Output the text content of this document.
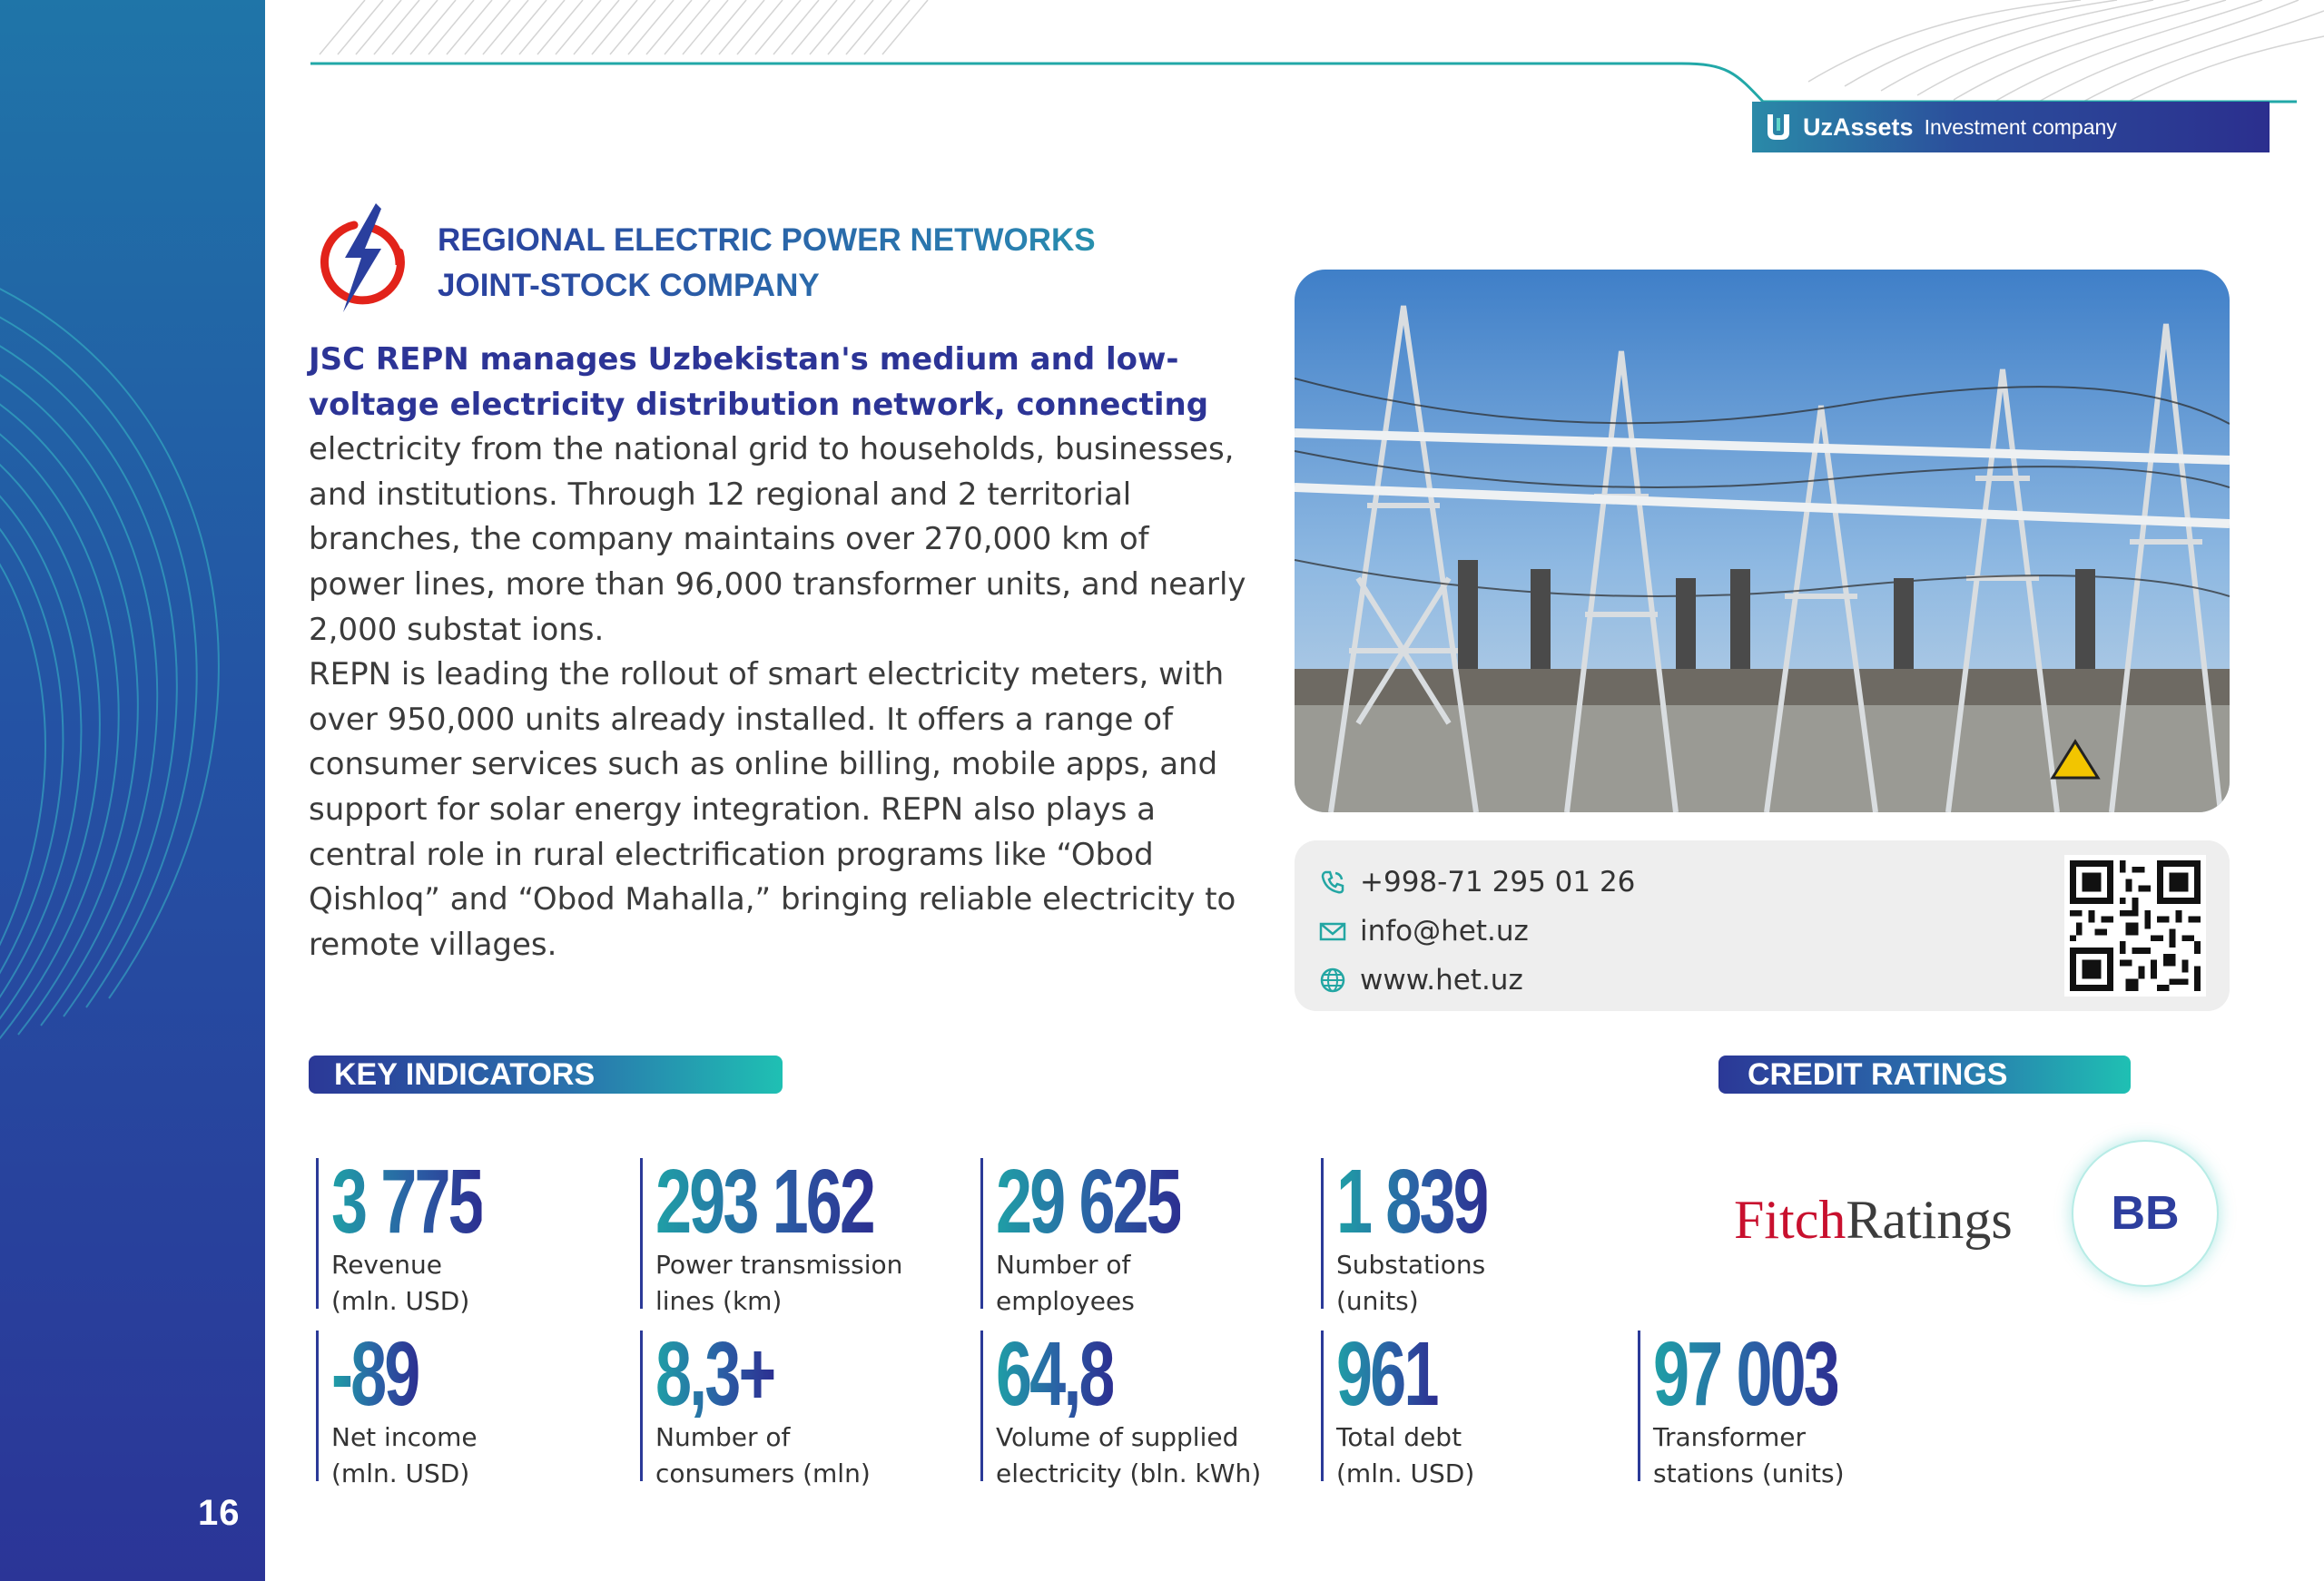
16
UzAssets Investment company
REGIONAL ELECTRIC POWER NETWORKS
JOINT-STOCK COMPANY

JSC REPN manages Uzbekistan's medium and low-voltage electricity distribution network, connecting electricity from the national grid to households, businesses, and institutions. Through 12 regional and 2 territorial branches, the company maintains over 270,000 km of power lines, more than 96,000 transformer units, and nearly 2,000 substat ions.

REPN is leading the rollout of smart electricity meters, with over 950,000 units already installed. It offers a range of consumer services such as online billing, mobile apps, and support for solar energy integration. REPN also plays a central role in rural electrification programs like “Obod Qishloq” and “Obod Mahalla,” bringing reliable electricity to remote villages.

+998-71 295 01 26
info@het.uz
www.het.uz
KEY INDICATORS	CREDIT RATINGS
3 775
Revenue
(mln. USD)
293 162
Power transmission
lines (km)
29 625
Number of
employees
1 839
Substations
(units)
-89
Net income
(mln. USD)
8,3+
Number of
consumers (mln)
64,8
Volume of supplied
electricity (bln. kWh)
961
Total debt
(mln. USD)
97 003
Transformer
stations (units)
FitchRatings	BB
